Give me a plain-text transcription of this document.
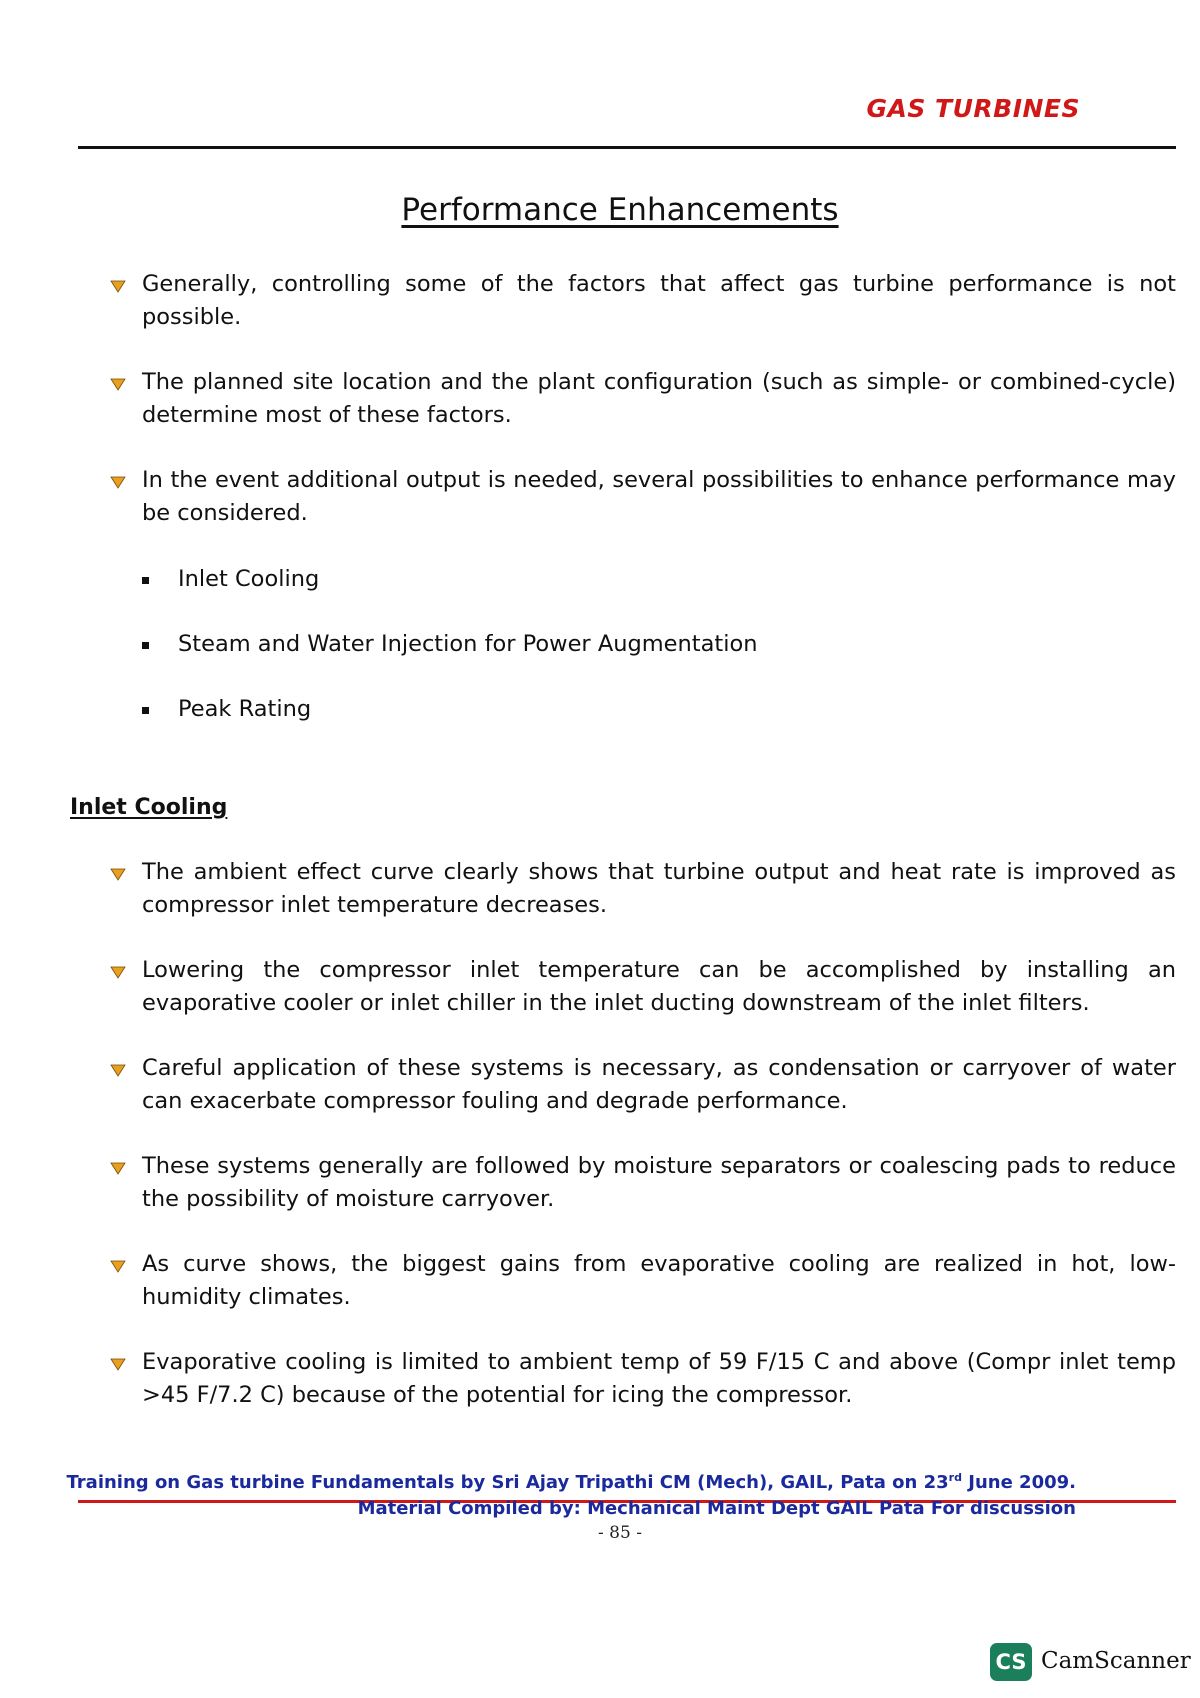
GAS TURBINES
Performance Enhancements
Generally, controlling some of the factors that affect gas turbine performance is not possible.
The planned site location and the plant configuration (such as simple- or combined-cycle) determine most of these factors.
In the event additional output is needed, several possibilities to enhance performance may be considered.
Inlet Cooling
Steam and Water Injection for Power Augmentation
Peak Rating
Inlet Cooling
The ambient effect curve clearly shows that turbine output and heat rate is improved as compressor inlet temperature decreases.
Lowering the compressor inlet temperature can be accomplished by installing an evaporative cooler or inlet chiller in the inlet ducting downstream of the inlet filters.
Careful application of these systems is necessary, as condensation or carryover of water can exacerbate compressor fouling and degrade performance.
These systems generally are followed by moisture separators or coalescing pads to reduce the possibility of moisture carryover.
As curve shows, the biggest gains from evaporative cooling are realized in hot, low-humidity climates.
Evaporative cooling is limited to ambient temp of 59 F/15 C and above (Compr inlet temp >45 F/7.2 C) because of the potential for icing the compressor.
Training on Gas turbine Fundamentals by Sri Ajay Tripathi CM (Mech), GAIL, Pata on 23rd June 2009.
Material Compiled by: Mechanical Maint Dept GAIL Pata For discussion
- 85 -
CS CamScanner
